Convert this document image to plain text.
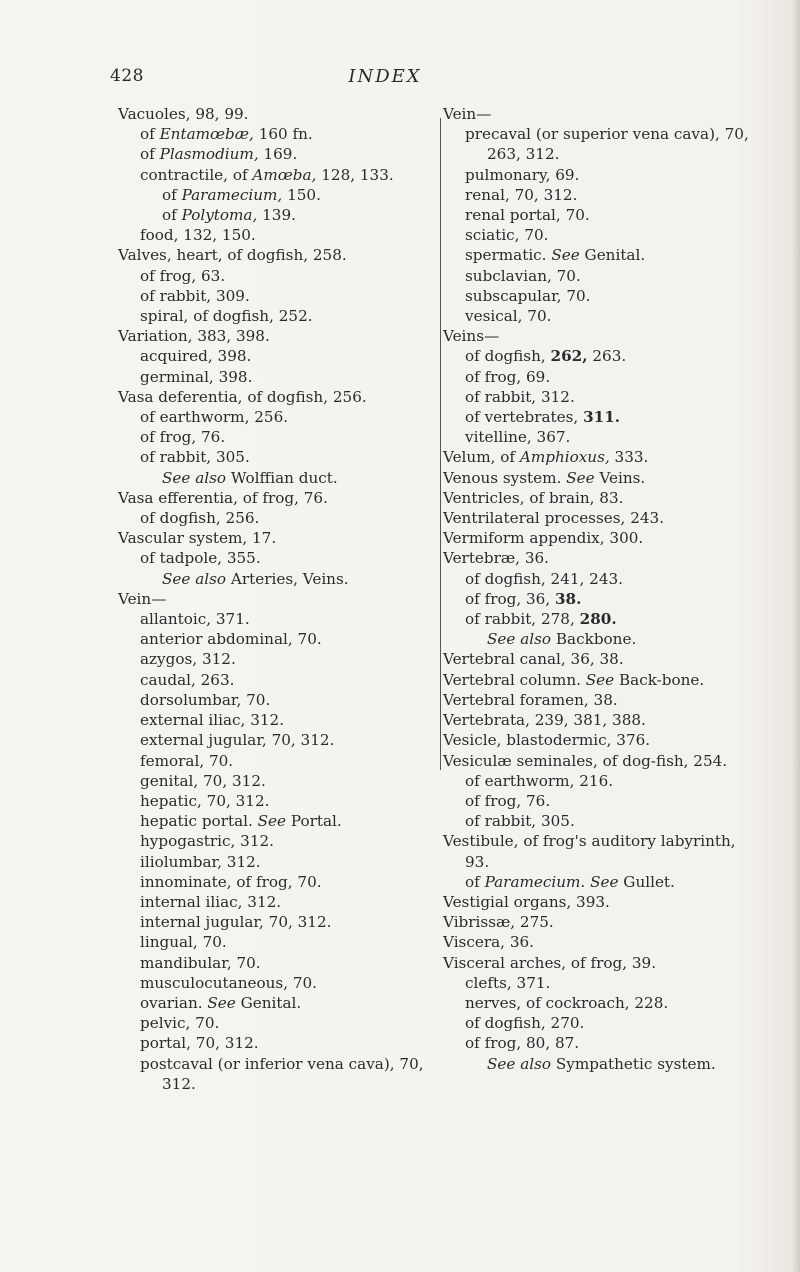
428	INDEX
Vacuoles, 98, 99.
of Entamœbæ, 160 fn.
of Plasmodium, 169.
contractile, of Amœba, 128, 133.
of Paramecium, 150.
of Polytoma, 139.
food, 132, 150.
Valves, heart, of dogfish, 258.
of frog, 63.
of rabbit, 309.
spiral, of dogfish, 252.
Variation, 383, 398.
acquired, 398.
germinal, 398.
Vasa deferentia, of dogfish, 256.
of earthworm, 256.
of frog, 76.
of rabbit, 305.
See also Wolffian duct.
Vasa efferentia, of frog, 76.
of dogfish, 256.
Vascular system, 17.
of tadpole, 355.
See also Arteries, Veins.
Vein—
allantoic, 371.
anterior abdominal, 70.
azygos, 312.
caudal, 263.
dorsolumbar, 70.
external iliac, 312.
external jugular, 70, 312.
femoral, 70.
genital, 70, 312.
hepatic, 70, 312.
hepatic portal. See Portal.
hypogastric, 312.
iliolumbar, 312.
innominate, of frog, 70.
internal iliac, 312.
internal jugular, 70, 312.
lingual, 70.
mandibular, 70.
musculocutaneous, 70.
ovarian. See Genital.
pelvic, 70.
portal, 70, 312.
postcaval (or inferior vena cava), 70, 312.
Vein—
precaval (or superior vena cava), 70, 263, 312.
pulmonary, 69.
renal, 70, 312.
renal portal, 70.
sciatic, 70.
spermatic. See Genital.
subclavian, 70.
subscapular, 70.
vesical, 70.
Veins—
of dogfish, 262, 263.
of frog, 69.
of rabbit, 312.
of vertebrates, 311.
vitelline, 367.
Velum, of Amphioxus, 333.
Venous system. See Veins.
Ventricles, of brain, 83.
Ventrilateral processes, 243.
Vermiform appendix, 300.
Vertebræ, 36.
of dogfish, 241, 243.
of frog, 36, 38.
of rabbit, 278, 280.
See also Backbone.
Vertebral canal, 36, 38.
Vertebral column. See Back-bone.
Vertebral foramen, 38.
Vertebrata, 239, 381, 388.
Vesicle, blastodermic, 376.
Vesiculæ seminales, of dog-fish, 254.
of earthworm, 216.
of frog, 76.
of rabbit, 305.
Vestibule, of frog's auditory labyrinth, 93.
of Paramecium. See Gullet.
Vestigial organs, 393.
Vibrissæ, 275.
Viscera, 36.
Visceral arches, of frog, 39.
clefts, 371.
nerves, of cockroach, 228.
of dogfish, 270.
of frog, 80, 87.
See also Sympathetic system.
